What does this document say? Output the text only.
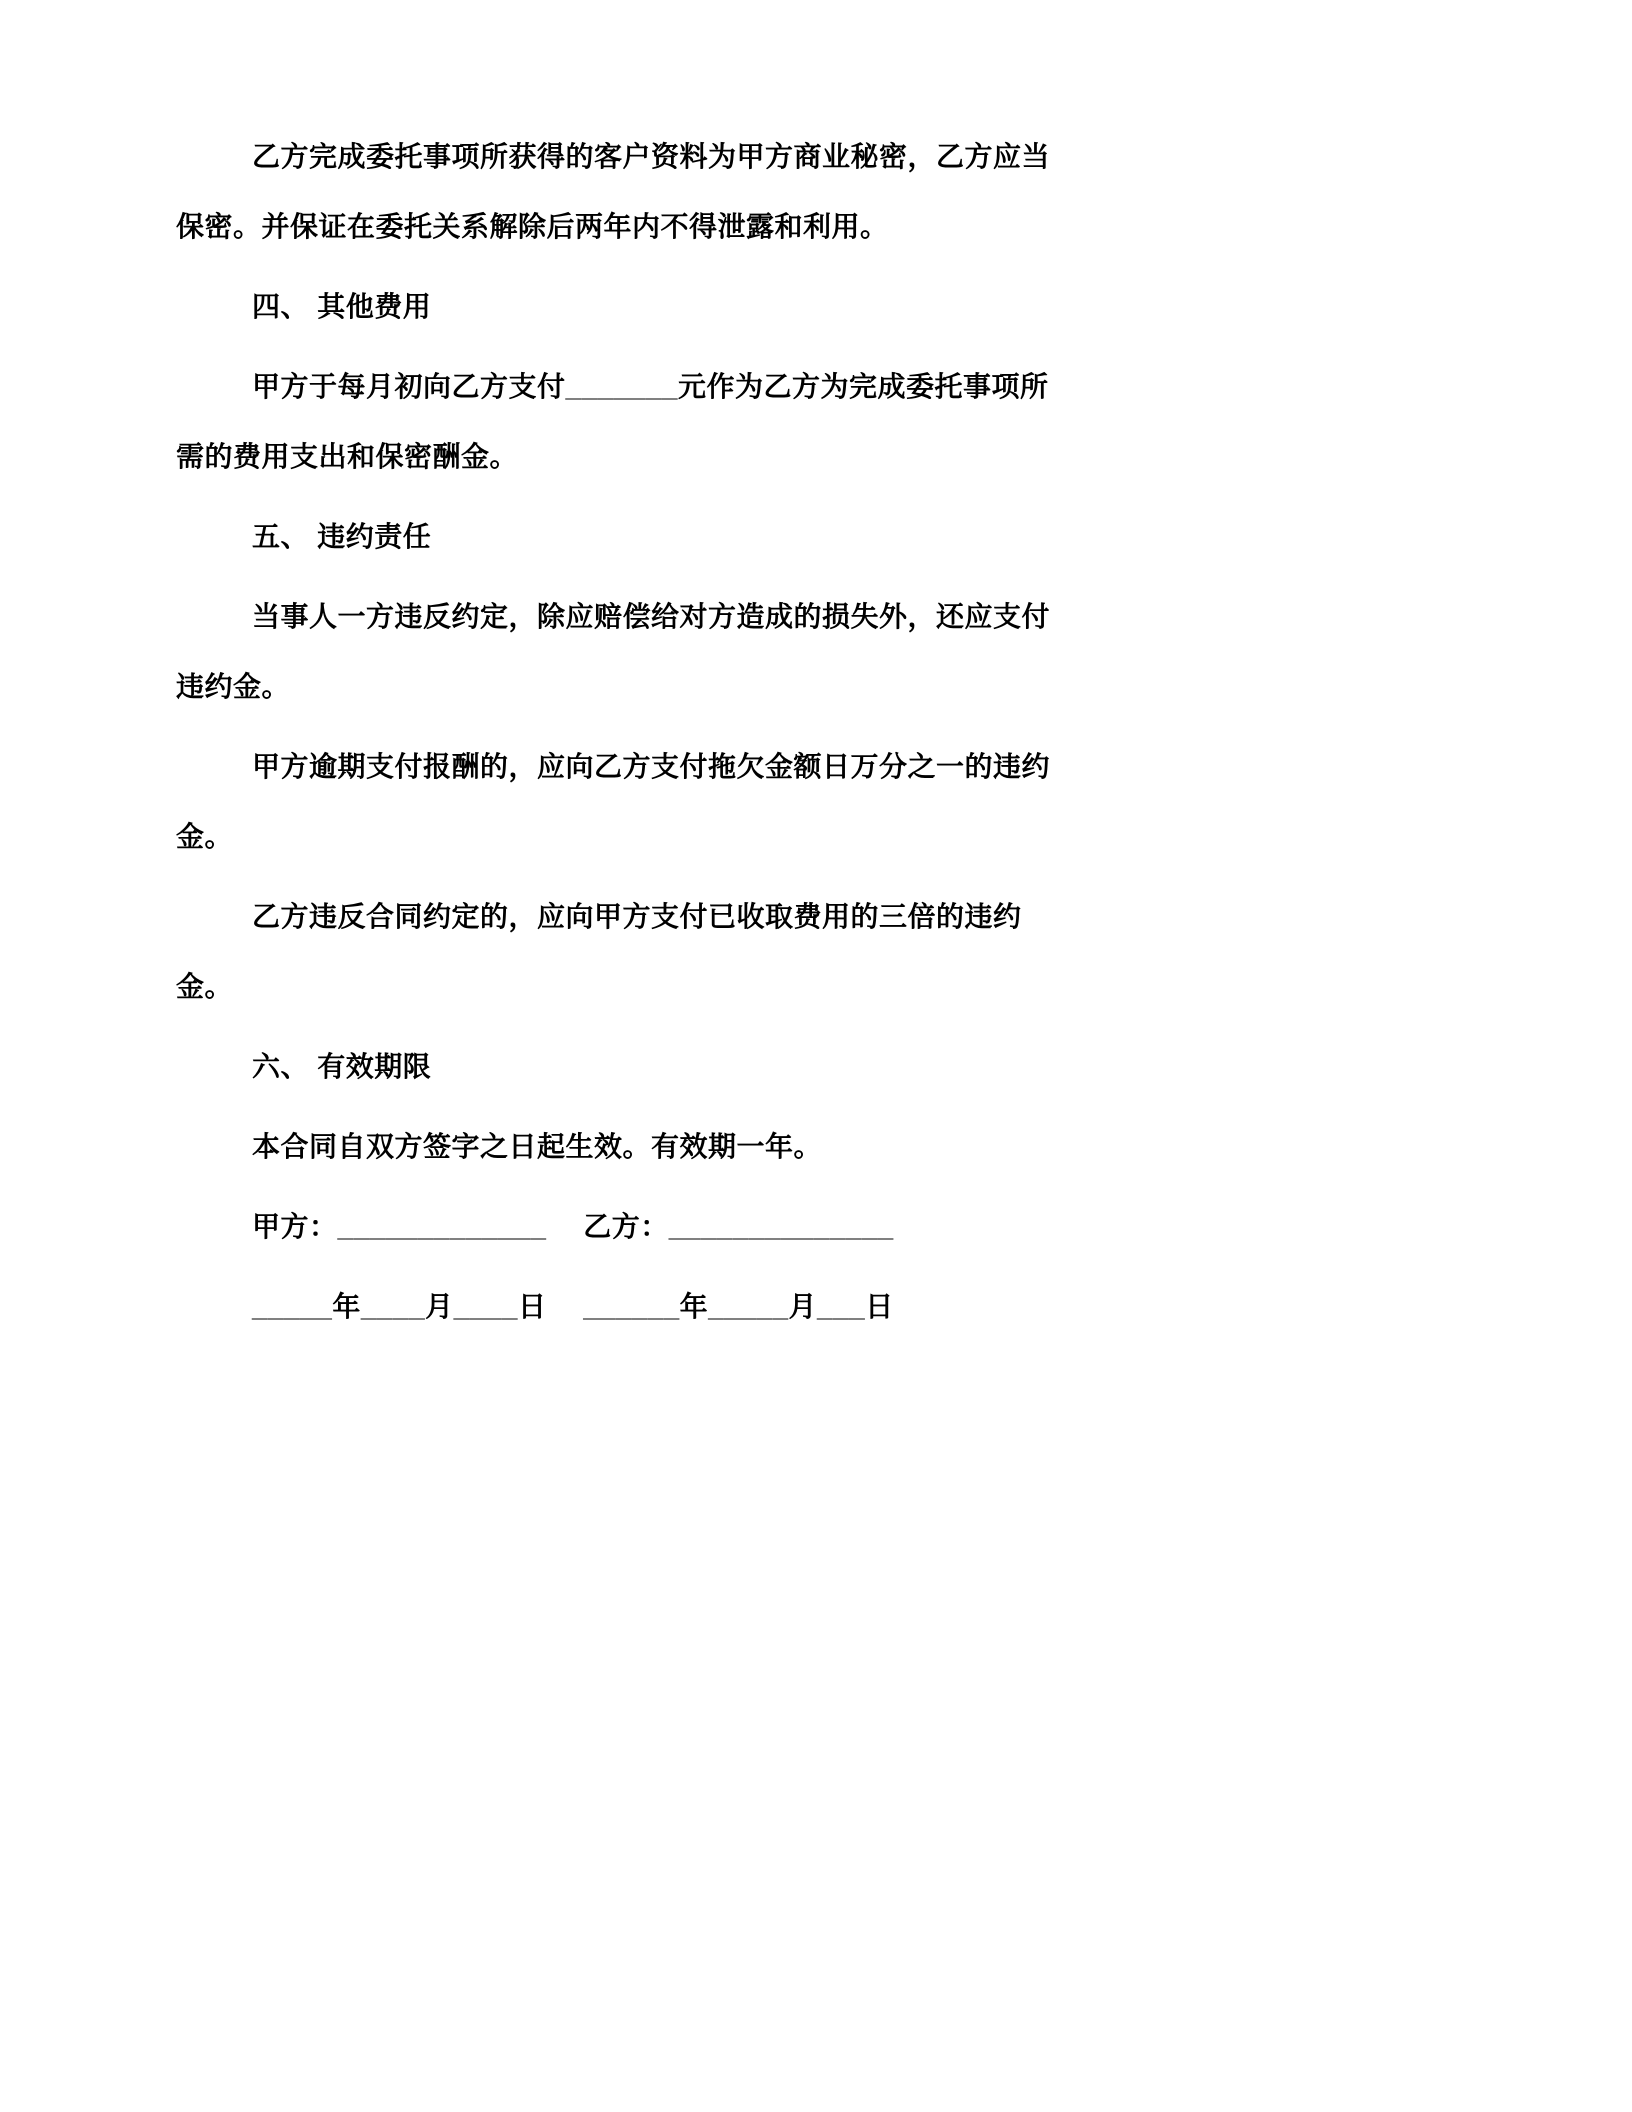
乙方完成委托事项所获得的客户资料为甲方商业秘密，乙方应当保密。并保证在委托关系解除后两年内不得泄露和利用。

四、 其他费用

甲方于每月初向乙方支付_______元作为乙方为完成委托事项所需的费用支出和保密酬金。

五、 违约责任

当事人一方违反约定，除应赔偿给对方造成的损失外，还应支付违约金。

甲方逾期支付报酬的，应向乙方支付拖欠金额日万分之一的违约金。

乙方违反合同约定的，应向甲方支付已收取费用的三倍的违约金。

六、 有效期限

本合同自双方签字之日起生效。有效期一年。

甲方：_____________　 乙方：______________

_____年____月____日　 ______年_____月___日
